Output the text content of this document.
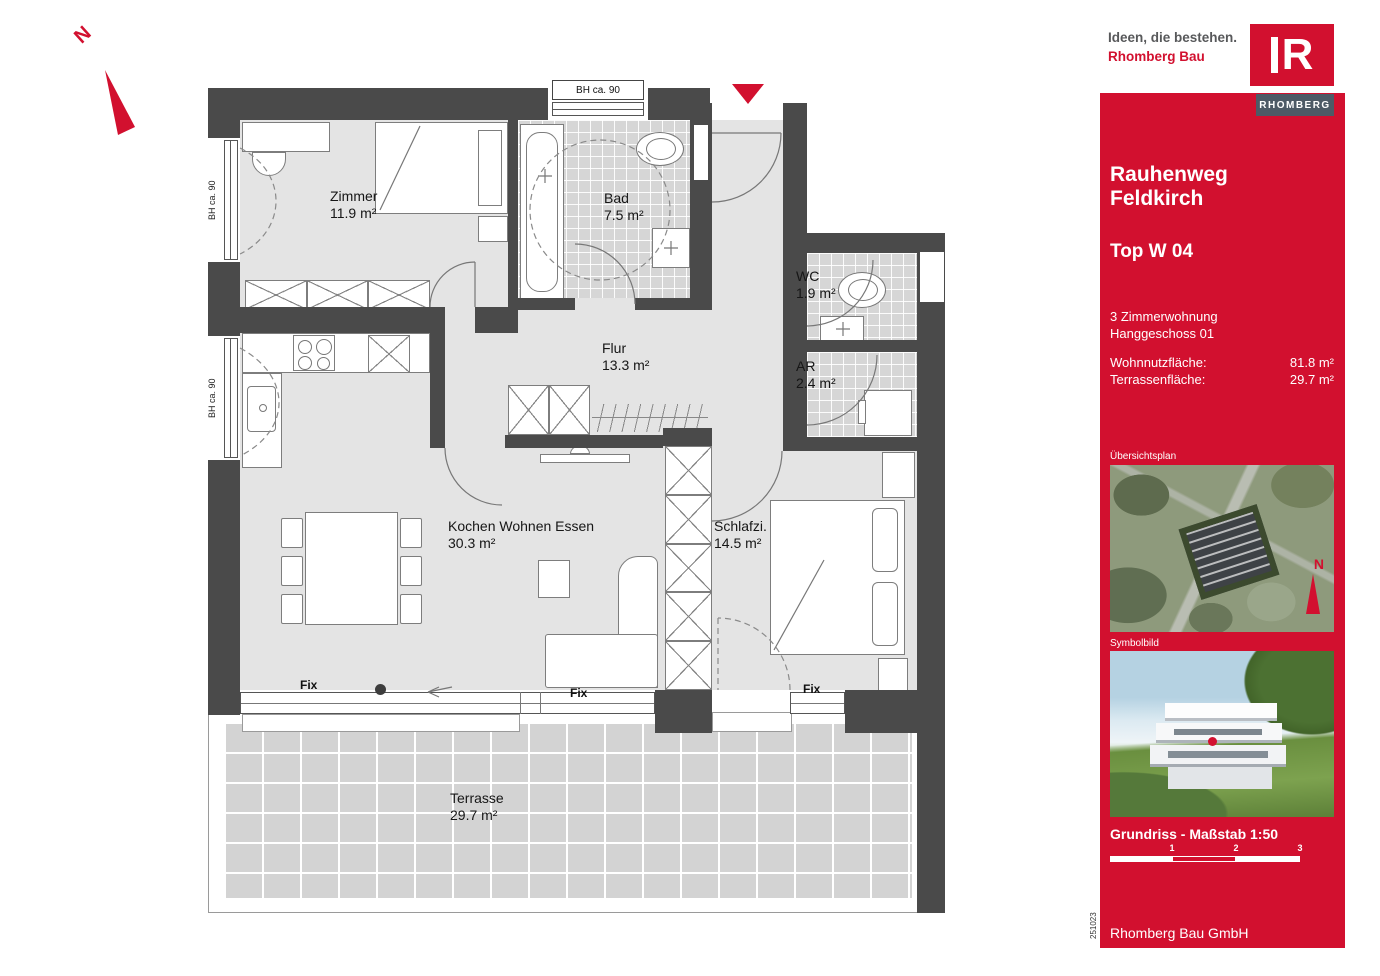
N
BH ca. 90
BH ca. 90
BH ca. 90
Zimmer
11.9 m²
Bad
7.5 m²
WC
1.9 m²
Flur
13.3 m²	AR
2.4 m²
Kochen Wohnen Essen
30.3 m²
Schlafzi.
14.5 m²
Terrasse
29.7 m²
Fix
Fix	Fix
Ideen, die bestehen.
Rhomberg Bau R
RHOMBERG
Rauhenweg
Feldkirch
Top W 04
3 Zimmerwohnung
Hanggeschoss 01
Wohnnutzfläche:	81.8 m²
Terrassenfläche:	29.7 m²
Übersichtsplan
N
Symbolbild
Grundriss - Maßstab 1:50
1	2	3
Rhomberg Bau GmbH
251023
